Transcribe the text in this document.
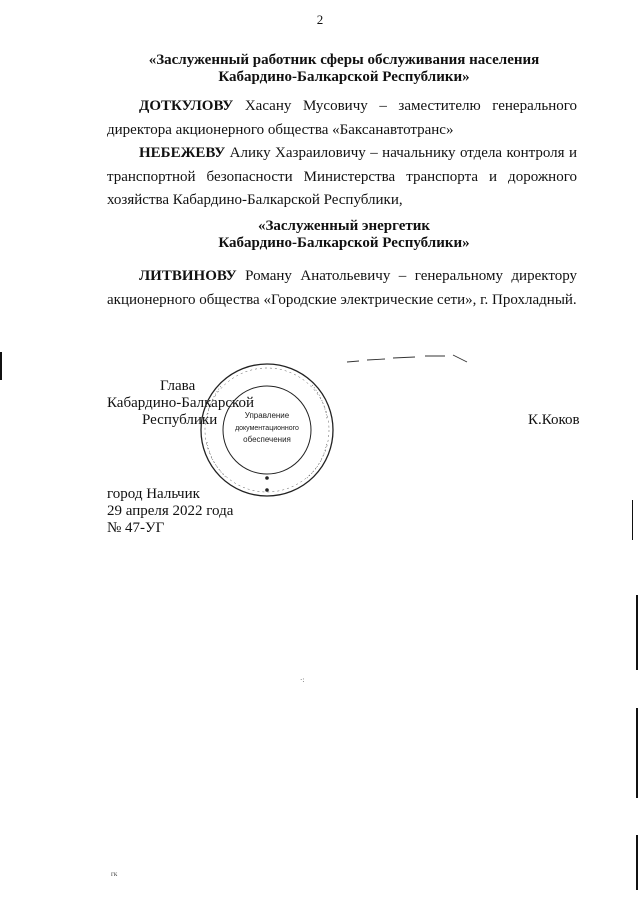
2
«Заслуженный работник сферы обслуживания населения
Кабардино-Балкарской Республики»
ДОТКУЛОВУ Хасану Мусовичу – заместителю генерального директора акционерного общества «Баксанавтотранс»
НЕБЕЖЕВУ Алику Хазраиловичу – начальнику отдела контроля и транспортной безопасности Министерства транспорта и дорожного хозяйства Кабардино-Балкарской Республики,
«Заслуженный энергетик
Кабардино-Балкарской Республики»
ЛИТВИНОВУ Роману Анатольевичу – генеральному директору акционерного общества «Городские электрические сети», г. Прохладный.
Глава
Кабардино-Балкарской
Республики	Управление
документационного
обеспечения
К.Коков
город Нальчик
29 апреля 2022 года
№ 47-УГ
гк
·:
